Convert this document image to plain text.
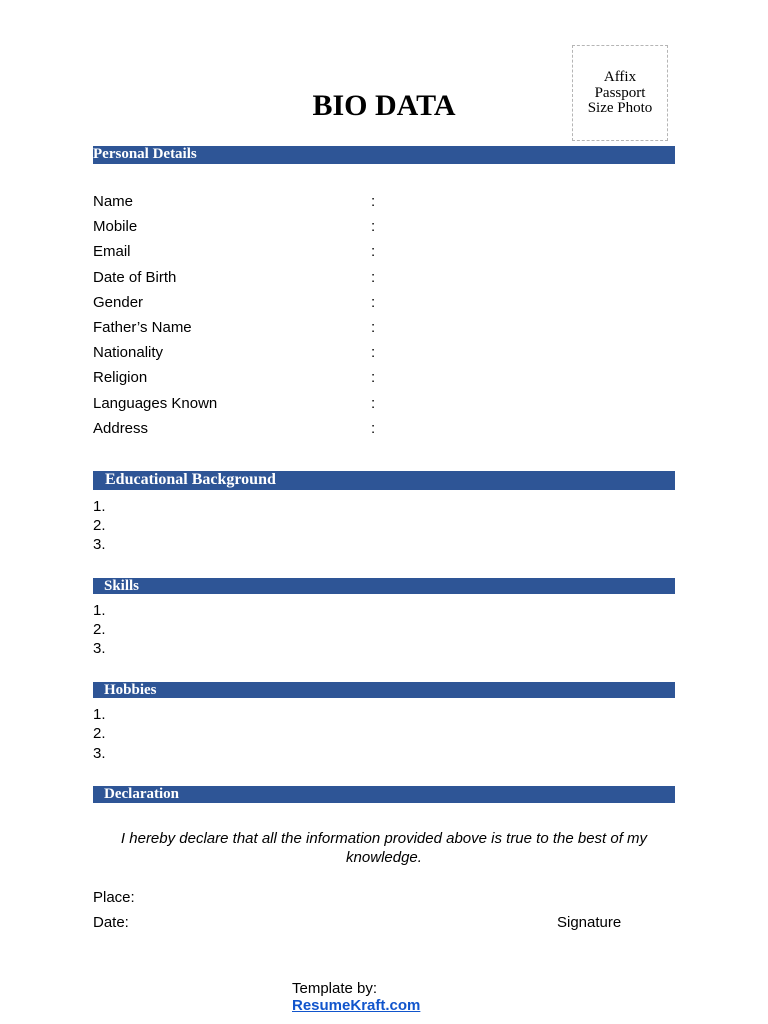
BIO DATA
Affix
Passport
Size Photo
Personal Details
Name	:
Mobile	:
Email	:
Date of Birth	:
Gender	:
Father’s Name	:
Nationality	:
Religion	:
Languages Known	:
Address	:
Educational Background
1.
2.
3.
Skills
1.
2.
3.
Hobbies
1.
2.
3.
Declaration
I hereby declare that all the information provided above is true to the best of my knowledge.
Place:
Date:	Signature
Template by:
ResumeKraft.com
